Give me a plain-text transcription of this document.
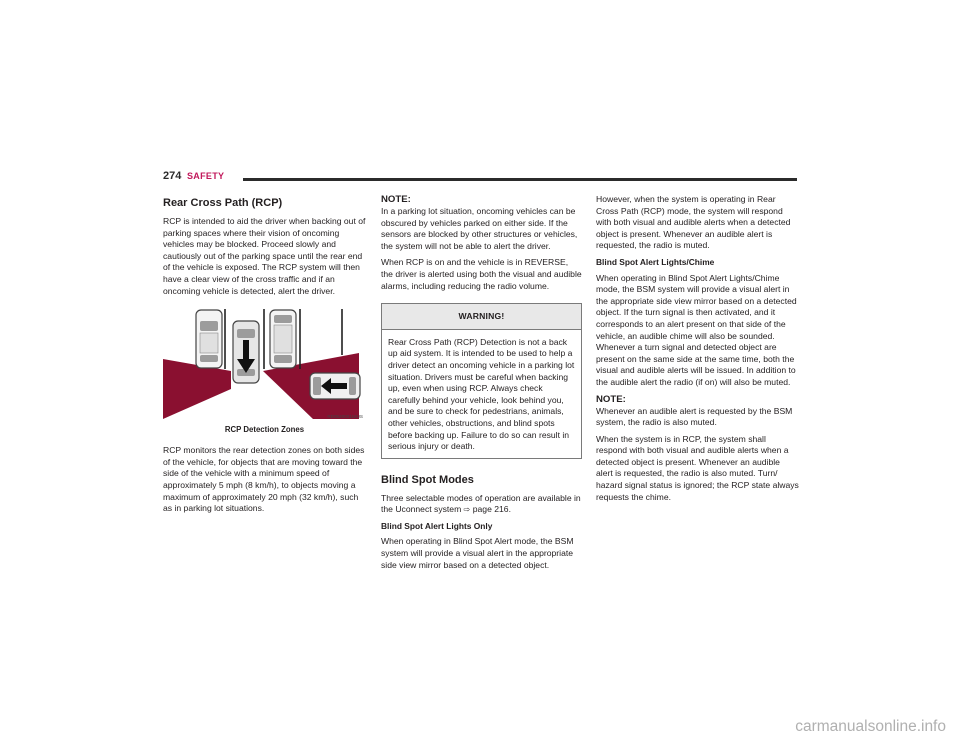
274 SAFETY
Rear Cross Path (RCP)

RCP is intended to aid the driver when backing out of parking spaces where their vision of oncoming vehicles may be blocked. Proceed slowly and cautiously out of the parking space until the rear end of the vehicle is exposed. The RCP system will then have a clear view of the cross traffic and if an oncoming vehicle is detected, alert the driver.

RD052000118US
RCP Detection Zones

RCP monitors the rear detection zones on both sides of the vehicle, for objects that are moving toward the side of the vehicle with a minimum speed of approximately 5 mph (8 km/h), to objects moving a maximum of approximately 20 mph (32 km/h), such as in parking lot situations.

NOTE:

In a parking lot situation, oncoming vehicles can be obscured by vehicles parked on either side. If the sensors are blocked by other structures or vehicles, the system will not be able to alert the driver.

When RCP is on and the vehicle is in REVERSE, the driver is alerted using both the visual and audible alarms, including reducing the radio volume.

WARNING!
Rear Cross Path (RCP) Detection is not a back up aid system. It is intended to be used to help a driver detect an oncoming vehicle in a parking lot situation. Drivers must be careful when backing up, even when using RCP. Always check carefully behind your vehicle, look behind you, and be sure to check for pedestrians, animals, other vehicles, obstructions, and blind spots before backing up. Failure to do so can result in serious injury or death.
Blind Spot Modes

Three selectable modes of operation are available in the Uconnect system ⇨ page 216.

Blind Spot Alert Lights Only

When operating in Blind Spot Alert mode, the BSM system will provide a visual alert in the appropriate side view mirror based on a detected object.

However, when the system is operating in Rear Cross Path (RCP) mode, the system will respond with both visual and audible alerts when a detected object is present. Whenever an audible alert is requested, the radio is muted.

Blind Spot Alert Lights/Chime

When operating in Blind Spot Alert Lights/Chime mode, the BSM system will provide a visual alert in the appropriate side view mirror based on a detected object. If the turn signal is then activated, and it corresponds to an alert present on that side of the vehicle, an audible chime will also be sounded. Whenever a turn signal and detected object are present on the same side at the same time, both the visual and audible alerts will be issued. In addition to the audible alert the radio (if on) will also be muted.

NOTE:

Whenever an audible alert is requested by the BSM system, the radio is also muted.

When the system is in RCP, the system shall respond with both visual and audible alerts when a detected object is present. Whenever an audible alert is requested, the radio is also muted. Turn/ hazard signal status is ignored; the RCP state always requests the chime.

carmanualsonline.info
